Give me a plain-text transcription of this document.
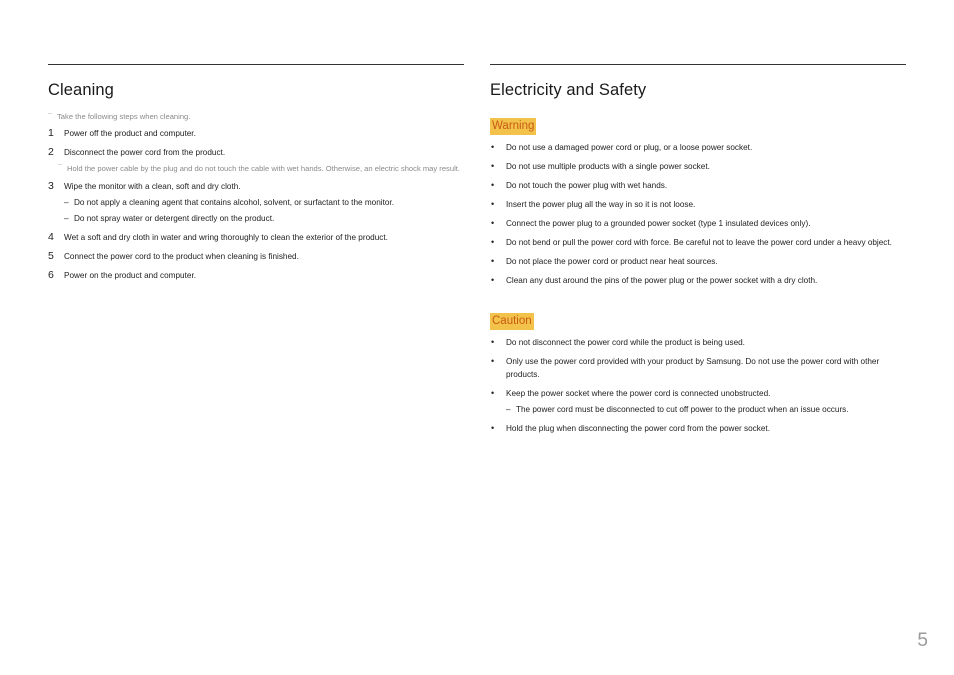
Cleaning
¯ Take the following steps when cleaning.
1	Power off the product and computer.
2	Disconnect the power cord from the product.
¯ Hold the power cable by the plug and do not touch the cable with wet hands. Otherwise, an electric shock may result.
3	Wipe the monitor with a clean, soft and dry cloth.
– Do not apply a cleaning agent that contains alcohol, solvent, or surfactant to the monitor.
– Do not spray water or detergent directly on the product.
4	Wet a soft and dry cloth in water and wring thoroughly to clean the exterior of the product.
5	Connect the power cord to the product when cleaning is finished.
6	Power on the product and computer.
Electricity and Safety
Warning
• Do not use a damaged power cord or plug, or a loose power socket.
• Do not use multiple products with a single power socket.
• Do not touch the power plug with wet hands.
• Insert the power plug all the way in so it is not loose.
• Connect the power plug to a grounded power socket (type 1 insulated devices only).
• Do not bend or pull the power cord with force. Be careful not to leave the power cord under a heavy object.
• Do not place the power cord or product near heat sources.
• Clean any dust around the pins of the power plug or the power socket with a dry cloth.
Caution
• Do not disconnect the power cord while the product is being used.
• Only use the power cord provided with your product by Samsung. Do not use the power cord with other products.
• Keep the power socket where the power cord is connected unobstructed.
– The power cord must be disconnected to cut off power to the product when an issue occurs.
• Hold the plug when disconnecting the power cord from the power socket.
5
